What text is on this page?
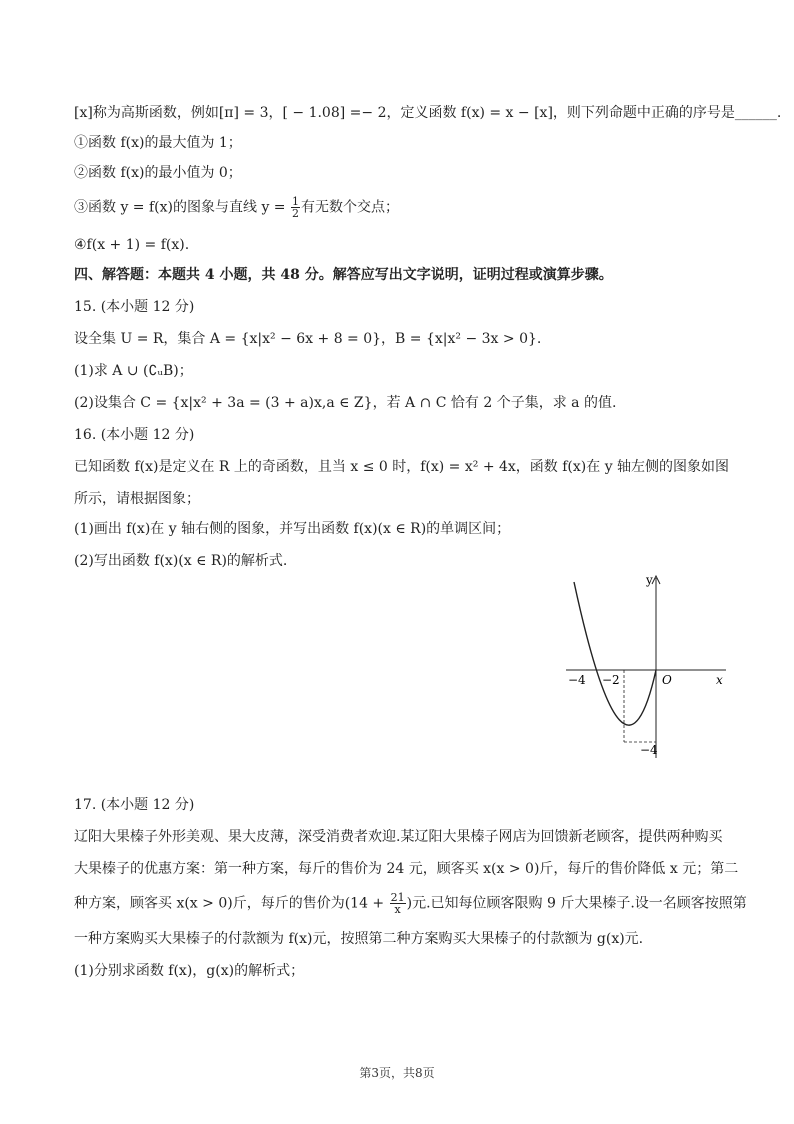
[x]称为高斯函数，例如[π] = 3，[ − 1.08] =− 2，定义函数 f(x) = x − [x]，则下列命题中正确的序号是______.
①函数 f(x)的最大值为 1；
②函数 f(x)的最小值为 0；
③函数 y = f(x)的图象与直线 $y = \frac{1}{2}$ 有无数个交点；
④f(x + 1) = f(x).
四、解答题：本题共 4 小题，共 48 分。解答应写出文字说明，证明过程或演算步骤。
15. (本小题 12 分)
设全集 U = R，集合 A = {x|x² − 6x + 8 = 0}，B = {x|x² − 3x > 0}.
(1)求 A ∪ (∁ᵤB)；
(2)设集合 C = {x|x² + 3a = (3 + a)x,a ∈ Z}，若 A ∩ C 恰有 2 个子集，求 a 的值.
16. (本小题 12 分)
已知函数 f(x)是定义在 R 上的奇函数，且当 x ≤ 0 时，f(x) = x² + 4x，函数 f(x)在 y 轴左侧的图象如图
所示，请根据图象；
(1)画出 f(x)在 y 轴右侧的图象，并写出函数 f(x)(x ∈ R)的单调区间；
(2)写出函数 f(x)(x ∈ R)的解析式.
y
x
O
−4 −2
−4
17. (本小题 12 分)
辽阳大果榛子外形美观、果大皮薄，深受消费者欢迎.某辽阳大果榛子网店为回馈新老顾客，提供两种购买
大果榛子的优惠方案：第一种方案，每斤的售价为 24 元，顾客买 x(x > 0)斤，每斤的售价降低 x 元；第二
种方案，顾客买 x(x > 0)斤，每斤的售价为($14 + \frac{21}{x}$ )元.已知每位顾客限购 9 斤大果榛子.设一名顾客按照第
一种方案购买大果榛子的付款额为 f(x)元，按照第二种方案购买大果榛子的付款额为 g(x)元.
(1)分别求函数 f(x)，g(x)的解析式；
第3页，共8页
